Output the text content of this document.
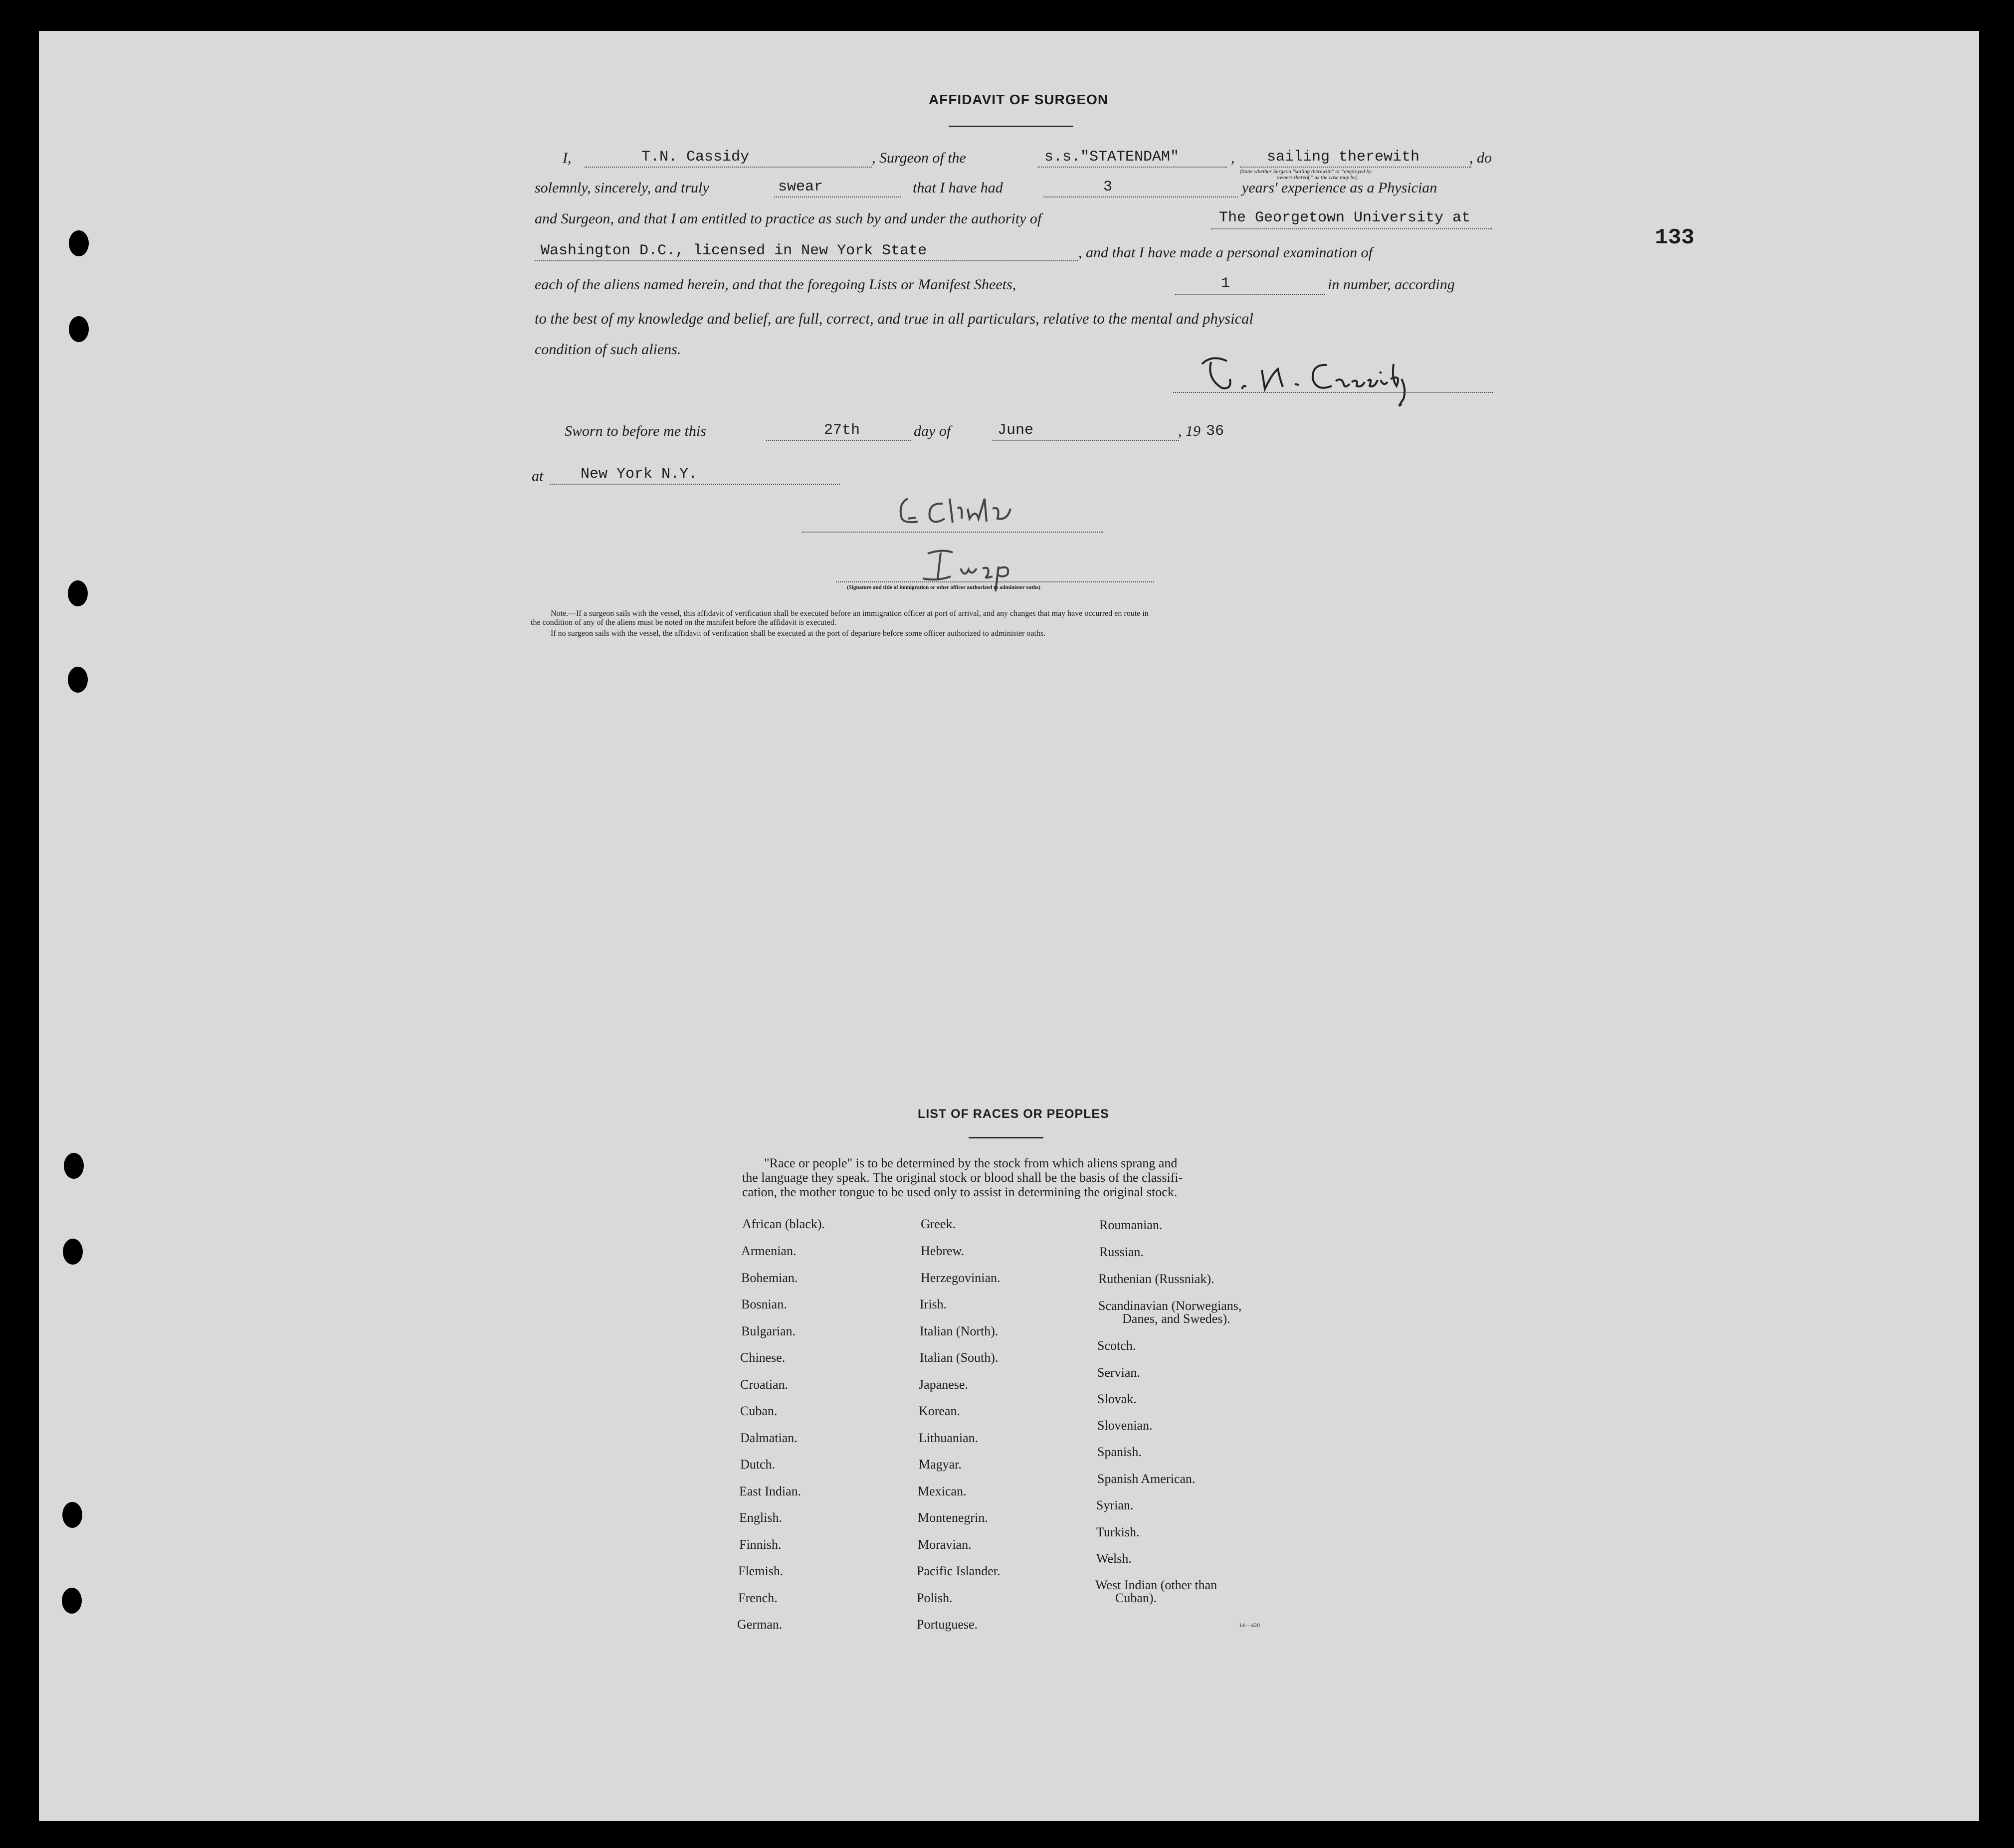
133
AFFIDAVIT OF SURGEON
I,	T.N. Cassidy	, Surgeon of the	s.s."STATENDAM"	, sailing therewith	, do
(State whether Surgeon "sailing therewith" or "employed by
owners thereof," as the case may be)
solemnly, sincerely, and truly	swear	that I have had	3	years' experience as a Physician
and Surgeon, and that I am entitled to practice as such by and under the authority of	The Georgetown University at
Washington D.C., licensed in New York State	, and that I have made a personal examination of
each of the aliens named herein, and that the foregoing Lists or Manifest Sheets,	1	in number, according
to the best of my knowledge and belief, are full, correct, and true in all particulars, relative to the mental and physical
condition of such aliens.
Sworn to before me this	27th	day of	June	, 19 36
at New York N.Y.
(Signature and title of immigration or other officer authorized to administer oaths)
Note.—If a surgeon sails with the vessel, this affidavit of verification shall be executed before an immigration officer at port of arrival, and any changes that may have occurred en route in
the condition of any of the aliens must be noted on the manifest before the affidavit is executed.
If no surgeon sails with the vessel, the affidavit of verification shall be executed at the port of departure before some officer authorized to administer oaths.
LIST OF RACES OR PEOPLES
"Race or people" is to be determined by the stock from which aliens sprang and
the language they speak. The original stock or blood shall be the basis of the classifi-
cation, the mother tongue to be used only to assist in determining the original stock.
African (black).
Armenian.
Bohemian.
Bosnian.
Bulgarian.
Chinese.
Croatian.
Cuban.
Dalmatian.
Dutch.
East Indian.
English.
Finnish.
Flemish.
French.
German.
Greek.
Hebrew.
Herzegovinian.
Irish.
Italian (North).
Italian (South).
Japanese.
Korean.
Lithuanian.
Magyar.
Mexican.
Montenegrin.
Moravian.
Pacific Islander.
Polish.
Portuguese.
Roumanian.
Russian.
Ruthenian (Russniak).
Scandinavian (Norwegians,
Danes, and Swedes).
Scotch.
Servian.
Slovak.
Slovenian.
Spanish.
Spanish American.
Syrian.
Turkish.
Welsh.
West Indian (other than
Cuban).
14—420
